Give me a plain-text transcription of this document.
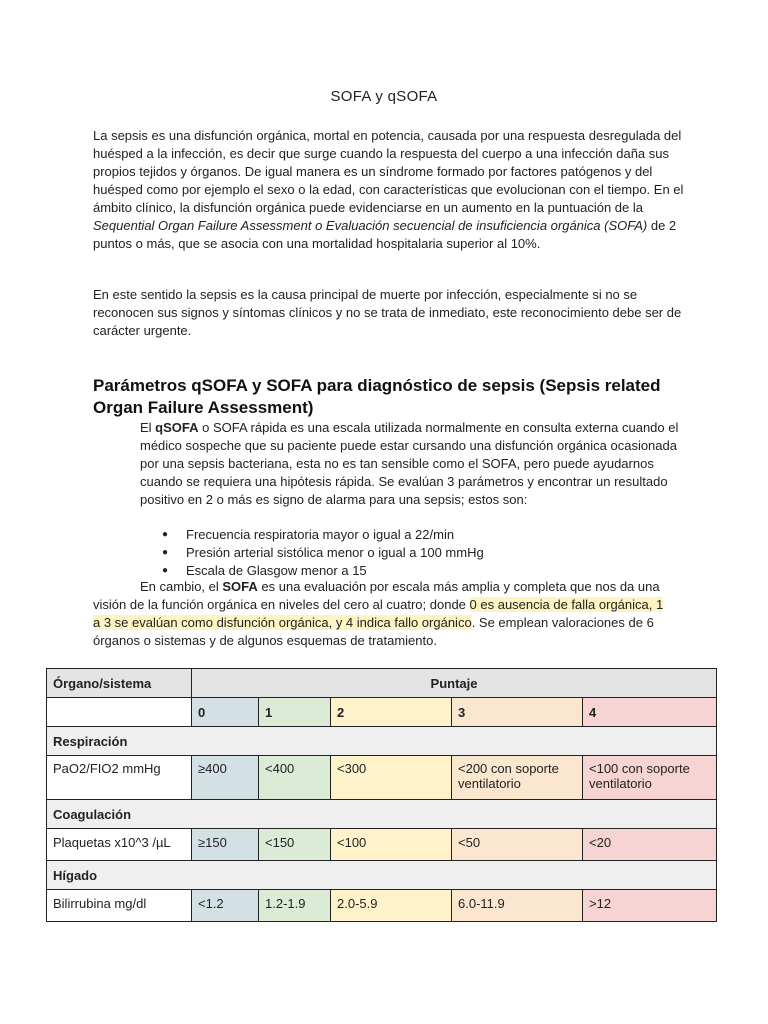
SOFA y qSOFA
La sepsis es una disfunción orgánica, mortal en potencia, causada por una respuesta desregulada del huésped a la infección, es decir que surge cuando la respuesta del cuerpo a una infección daña sus propios tejidos y órganos. De igual manera es un síndrome formado por factores patógenos y del huésped como por ejemplo el sexo o la edad, con características que evolucionan con el tiempo. En el ámbito clínico, la disfunción orgánica puede evidenciarse en un aumento en la puntuación de la Sequential Organ Failure Assessment o Evaluación secuencial de insuficiencia orgánica (SOFA) de 2 puntos o más, que se asocia con una mortalidad hospitalaria superior al 10%.
En este sentido la sepsis es la causa principal de muerte por infección, especialmente si no se reconocen sus signos y síntomas clínicos y no se trata de inmediato, este reconocimiento debe ser de carácter urgente.
Parámetros qSOFA y SOFA para diagnóstico de sepsis (Sepsis related Organ Failure Assessment)
El qSOFA o SOFA rápida es una escala utilizada normalmente en consulta externa cuando el médico sospeche que su paciente puede estar cursando una disfunción orgánica ocasionada por una sepsis bacteriana, esta no es tan sensible como el SOFA, pero puede ayudarnos cuando se requiera una hipótesis rápida. Se evalúan 3 parámetros y encontrar un resultado positivo en 2 o más es signo de alarma para una sepsis; estos son:
● Frecuencia respiratoria mayor o igual a 22/min
● Presión arterial sistólica menor o igual a 100 mmHg
● Escala de Glasgow menor a 15
En cambio, el SOFA es una evaluación por escala más amplia y completa que nos da una visión de la función orgánica en niveles del cero al cuatro; donde 0 es ausencia de falla orgánica, 1 a 3 se evalúan como disfunción orgánica, y 4 indica fallo orgánico. Se emplean valoraciones de 6 órganos o sistemas y de algunos esquemas de tratamiento.
Órgano/sistema	Puntaje				
	0	1	2	3	4
Respiración					
PaO2/FIO2 mmHg	≥400	<400	<300	<200 con soporte ventilatorio	<100 con soporte ventilatorio
Coagulación					
Plaquetas x10^3 /µL	≥150	<150	<100	<50	<20
Hígado					
Bilirrubina mg/dl	<1.2	1.2-1.9	2.0-5.9	6.0-11.9	>12
